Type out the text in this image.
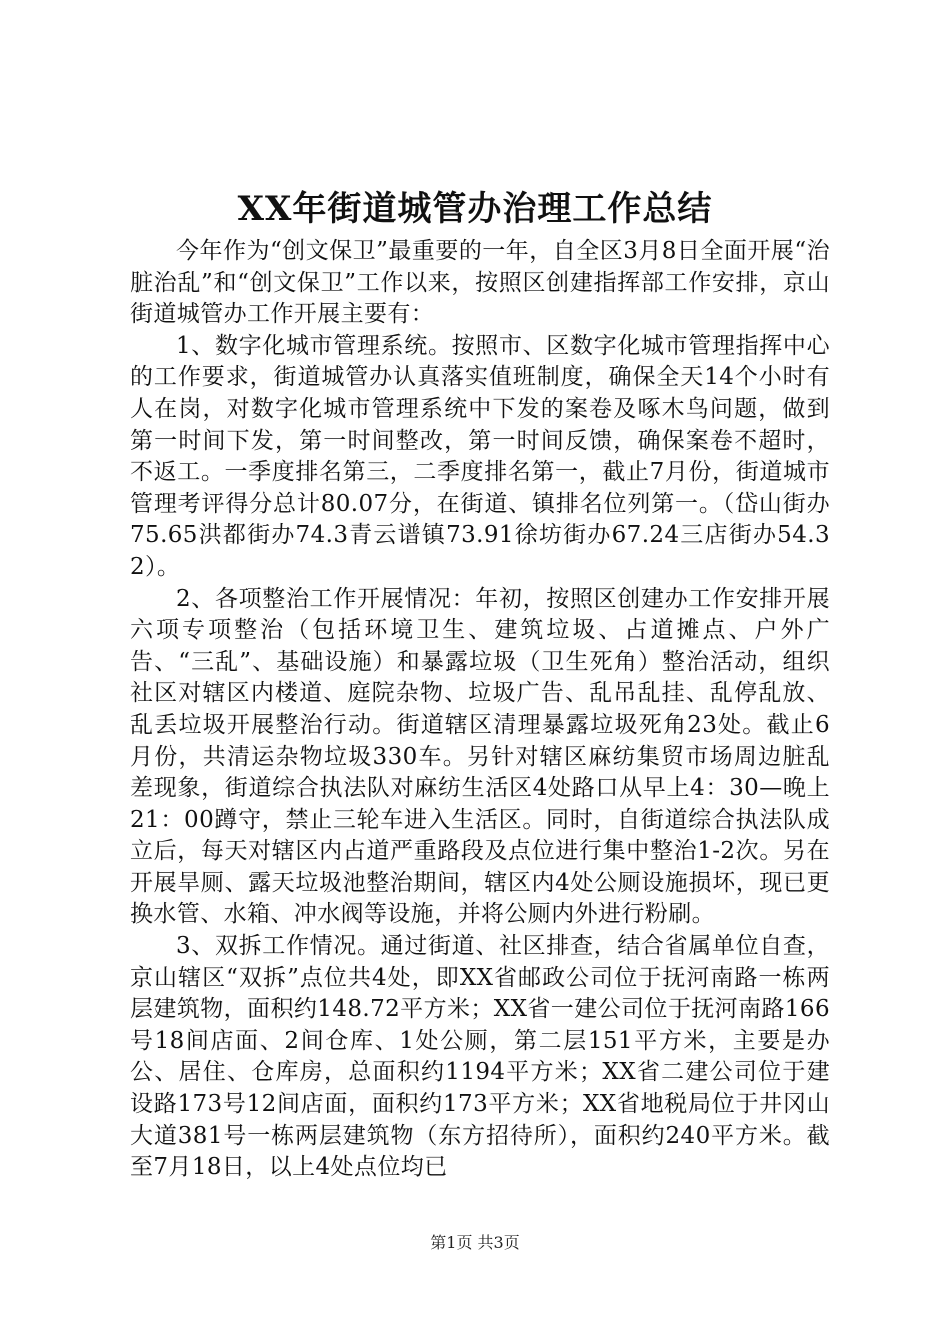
XX年街道城管办治理工作总结

今年作为“创文保卫”最重要的一年，自全区3月8日全面开展“治脏治乱”和“创文保卫”工作以来，按照区创建指挥部工作安排，京山街道城管办工作开展主要有：

1、数字化城市管理系统。按照市、区数字化城市管理指挥中心的工作要求，街道城管办认真落实值班制度，确保全天14个小时有人在岗，对数字化城市管理系统中下发的案卷及啄木鸟问题，做到第一时间下发，第一时间整改，第一时间反馈，确保案卷不超时，不返工。一季度排名第三，二季度排名第一，截止7月份，街道城市管理考评得分总计80.07分，在街道、镇排名位列第一。（岱山街办75.65洪都街办74.3青云谱镇73.91徐坊街办67.24三店街办54.32）。

2、各项整治工作开展情况：年初，按照区创建办工作安排开展六项专项整治（包括环境卫生、建筑垃圾、占道摊点、户外广告、“三乱”、基础设施）和暴露垃圾（卫生死角）整治活动，组织社区对辖区内楼道、庭院杂物、垃圾广告、乱吊乱挂、乱停乱放、乱丢垃圾开展整治行动。街道辖区清理暴露垃圾死角23处。截止6月份，共清运杂物垃圾330车。另针对辖区麻纺集贸市场周边脏乱差现象，街道综合执法队对麻纺生活区4处路口从早上4：30—晚上21：00蹲守，禁止三轮车进入生活区。同时，自街道综合执法队成立后，每天对辖区内占道严重路段及点位进行集中整治1-2次。另在开展旱厕、露天垃圾池整治期间，辖区内4处公厕设施损坏，现已更换水管、水箱、冲水阀等设施，并将公厕内外进行粉刷。

3、双拆工作情况。通过街道、社区排查，结合省属单位自查，京山辖区“双拆”点位共4处，即XX省邮政公司位于抚河南路一栋两层建筑物，面积约148.72平方米；XX省一建公司位于抚河南路166号18间店面、2间仓库、1处公厕，第二层151平方米，主要是办公、居住、仓库房，总面积约1194平方米；XX省二建公司位于建设路173号12间店面，面积约173平方米；XX省地税局位于井冈山大道381号一栋两层建筑物（东方招待所），面积约240平方米。截至7月18日，以上4处点位均已

第1页 共3页
